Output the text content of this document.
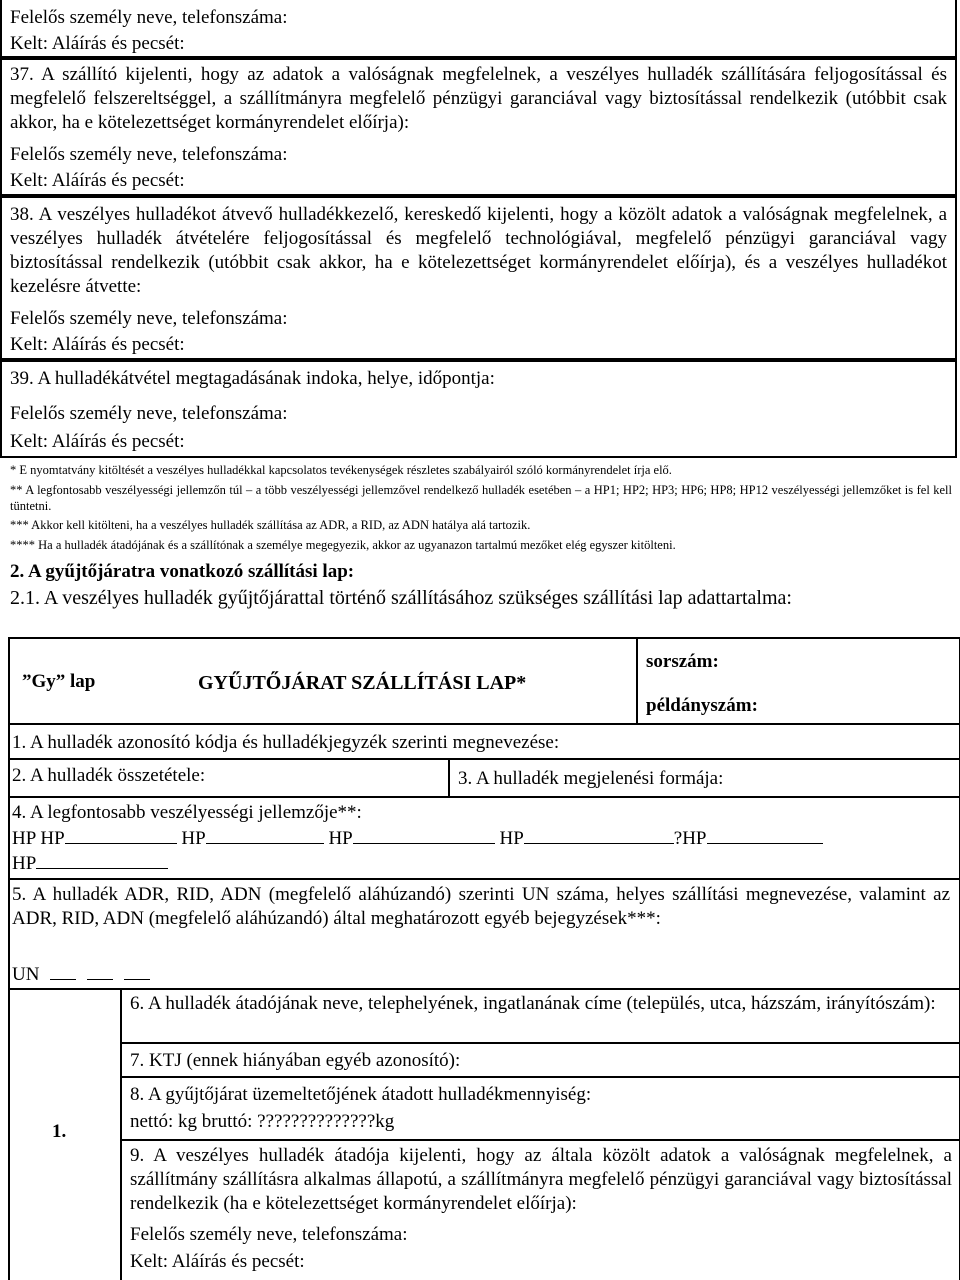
Felelős személy neve, telefonszáma:
Kelt: Aláírás és pecsét:
37. A szállító kijelenti, hogy az adatok a valóságnak megfelelnek, a veszélyes hulladék szállítására feljogosítással és megfelelő felszereltséggel, a szállítmányra megfelelő pénzügyi garanciával vagy biztosítással rendelkezik (utóbbit csak akkor, ha e kötelezettséget kormányrendelet előírja):
Felelős személy neve, telefonszáma:
Kelt: Aláírás és pecsét:
38. A veszélyes hulladékot átvevő hulladékkezelő, kereskedő kijelenti, hogy a közölt adatok a valóságnak megfelelnek, a veszélyes hulladék átvételére feljogosítással és megfelelő technológiával, megfelelő pénzügyi garanciával vagy biztosítással rendelkezik (utóbbit csak akkor, ha e kötelezettséget kormányrendelet előírja), és a veszélyes hulladékot kezelésre átvette:
Felelős személy neve, telefonszáma:
Kelt: Aláírás és pecsét:
39. A hulladékátvétel megtagadásának indoka, helye, időpontja:
Felelős személy neve, telefonszáma:
Kelt: Aláírás és pecsét:
* E nyomtatvány kitöltését a veszélyes hulladékkal kapcsolatos tevékenységek részletes szabályairól szóló kormányrendelet írja elő.
** A legfontosabb veszélyességi jellemzőn túl – a több veszélyességi jellemzővel rendelkező hulladék esetében – a HP1; HP2; HP3; HP6; HP8; HP12 veszélyességi jellemzőket is fel kell tüntetni.
*** Akkor kell kitölteni, ha a veszélyes hulladék szállítása az ADR, a RID, az ADN hatálya alá tartozik.
**** Ha a hulladék átadójának és a szállítónak a személye megegyezik, akkor az ugyanazon tartalmú mezőket elég egyszer kitölteni.
2. A gyűjtőjáratra vonatkozó szállítási lap:
2.1. A veszélyes hulladék gyűjtőjárattal történő szállításához szükséges szállítási lap adattartalma:
”Gy” lap	GYŰJTŐJÁRAT SZÁLLÍTÁSI LAP*
sorszám:
példányszám:
1. A hulladék azonosító kódja és hulladékjegyzék szerinti megnevezése:
2. A hulladék összetétele:	3. A hulladék megjelenési formája:
4. A legfontosabb veszélyességi jellemzője**:
HP HP	HP	HP	HP	?HP
HP
5. A hulladék ADR, RID, ADN (megfelelő aláhúzandó) szerinti UN száma, helyes szállítási megnevezése, valamint az ADR, RID, ADN (megfelelő aláhúzandó) által meghatározott egyéb bejegyzések***:
UN
1.
6. A hulladék átadójának neve, telephelyének, ingatlanának címe (település, utca, házszám, irányítószám):
7. KTJ (ennek hiányában egyéb azonosító):
8. A gyűjtőjárat üzemeltetőjének átadott hulladékmennyiség:
nettó: kg bruttó: ??????????????kg
9. A veszélyes hulladék átadója kijelenti, hogy az általa közölt adatok a valóságnak megfelelnek, a szállítmány szállításra alkalmas állapotú, a szállítmányra megfelelő pénzügyi garanciával vagy biztosítással rendelkezik (ha e kötelezettséget kormányrendelet előírja):
Felelős személy neve, telefonszáma:
Kelt: Aláírás és pecsét:
